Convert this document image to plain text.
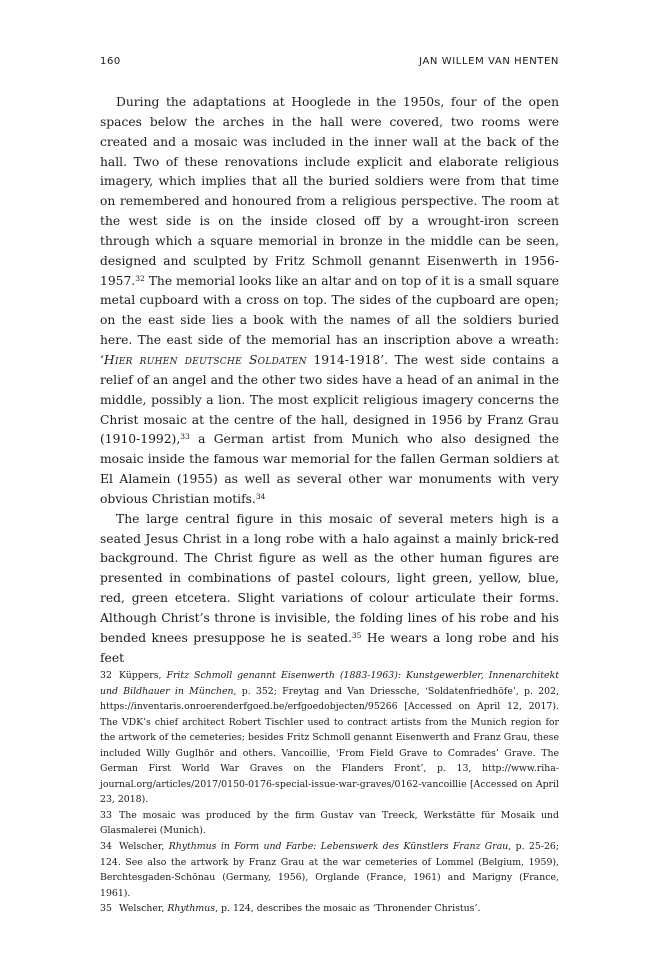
160	JAN WILLEM VAN HENTEN

During the adaptations at Hooglede in the 1950s, four of the open spaces below the arches in the hall were covered, two rooms were created and a mosaic was included in the inner wall at the back of the hall. Two of these renovations include explicit and elaborate religious imagery, which implies that all the buried soldiers were from that time on remembered and honoured from a religious perspective. The room at the west side is on the inside closed off by a wrought-iron screen through which a square memorial in bronze in the middle can be seen, designed and sculpted by Fritz Schmoll genannt Eisenwerth in 1956-1957.32 The memorial looks like an altar and on top of it is a small square metal cupboard with a cross on top. The sides of the cupboard are open; on the east side lies a book with the names of all the soldiers buried here. The east side of the memorial has an inscription above a wreath: ‘Hier ruhen deutsche Soldaten 1914-1918’. The west side contains a relief of an angel and the other two sides have a head of an animal in the middle, possibly a lion. The most explicit religious imagery concerns the Christ mosaic at the centre of the hall, designed in 1956 by Franz Grau (1910-1992),$^{33}$ a German artist from Munich who also designed the mosaic inside the famous war memorial for the fallen German soldiers at El Alamein (1955) as well as several other war monuments with very obvious Christian motifs.$^{34}$

The large central figure in this mosaic of several meters high is a seated Jesus Christ in a long robe with a halo against a mainly brick-red background. The Christ figure as well as the other human figures are presented in combinations of pastel colours, light green, yellow, blue, red, green etcetera. Slight variations of colour articulate their forms. Although Christ’s throne is invisible, the folding lines of his robe and his bended knees presuppose he is seated.$^{35}$ He wears a long robe and his feet

32 Küppers, Fritz Schmoll genannt Eisenwerth (1883-1963): Kunstgewerbler, Innenarchitekt und Bildhauer in München, p. 352; Freytag and Van Driessche, ‘Soldatenfriedhöfe’, p. 202, https://inventaris.onroerenderfgoed.be/erfgoedobjecten/95266 [Accessed on April 12, 2017). The VDK’s chief architect Robert Tischler used to contract artists from the Munich region for the artwork of the cemeteries; besides Fritz Schmoll genannt Eisenwerth and Franz Grau, these included Willy Guglhör and others. Vancoillie, ‘From Field Grave to Comrades’ Grave. The German First World War Graves on the Flanders Front’, p. 13, http://www.riha-journal.org/articles/2017/0150-0176-special-issue-war-graves/0162-vancoillie [Accessed on April 23, 2018).

33 The mosaic was produced by the firm Gustav van Treeck, Werkstätte für Mosaik und Glasmalerei (Munich).

34 Welscher, Rhythmus in Form und Farbe: Lebenswerk des Künstlers Franz Grau, p. 25-26; 124. See also the artwork by Franz Grau at the war cemeteries of Lommel (Belgium, 1959), Berchtesgaden-Schönau (Germany, 1956), Orglande (France, 1961) and Marigny (France, 1961).

35 Welscher, Rhythmus, p. 124, describes the mosaic as ‘Thronender Christus’.
